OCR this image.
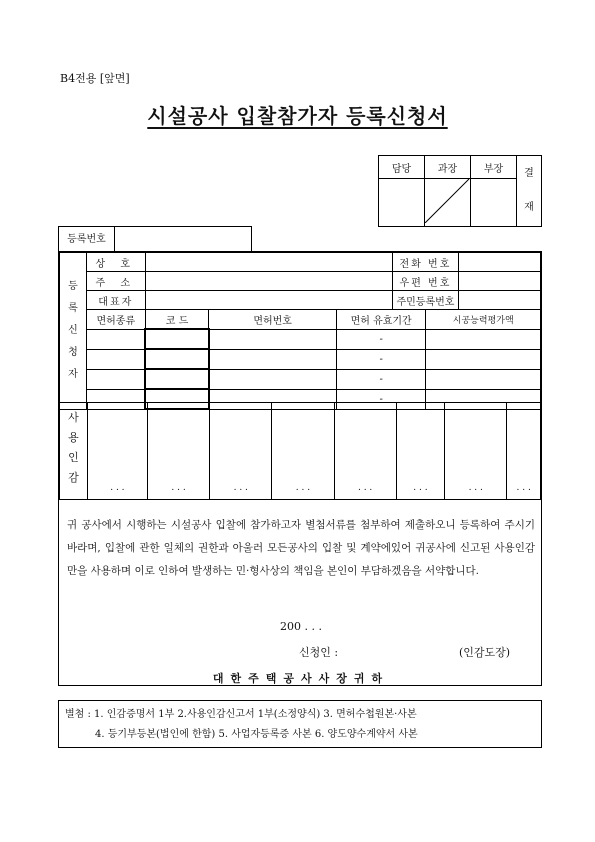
B4전용 [앞면]
시설공사 입찰참가자 등록신청서
담당	과장	부장	결
재

등록번호
등
록
신
청
자	상 호				전화 번호		
	주 소				우편 번호		
	대표자				주민등록번호		
	면허종류	코 드	면허번호	면허 유효기간		시공능력평가액	
				-			
				-			
				-			
				-			
사
용
인
감
	. . .	. . .	. . .	. . .	. . .	. . .	. . .	. . .
귀 공사에서 시행하는 시설공사 입찰에 참가하고자 별첨서류를 첨부하여 제출하오니 등록하여 주시기 바라며, 입찰에 관한 일체의 권한과 아울러 모든공사의 입찰 및 계약에있어 귀공사에 신고된 사용인감만을 사용하며 이로 인하여 발생하는 민·형사상의 책임을 본인이 부담하겠음을 서약합니다.
200 . . .
신청인 :	(인감도장)
대한주택공사사장귀하
별첨 : 1. 인감증명서 1부 2.사용인감신고서 1부(소정양식) 3. 면허수첩원본·사본
4. 등기부등본(법인에 한함) 5. 사업자등록증 사본 6. 양도양수계약서 사본
